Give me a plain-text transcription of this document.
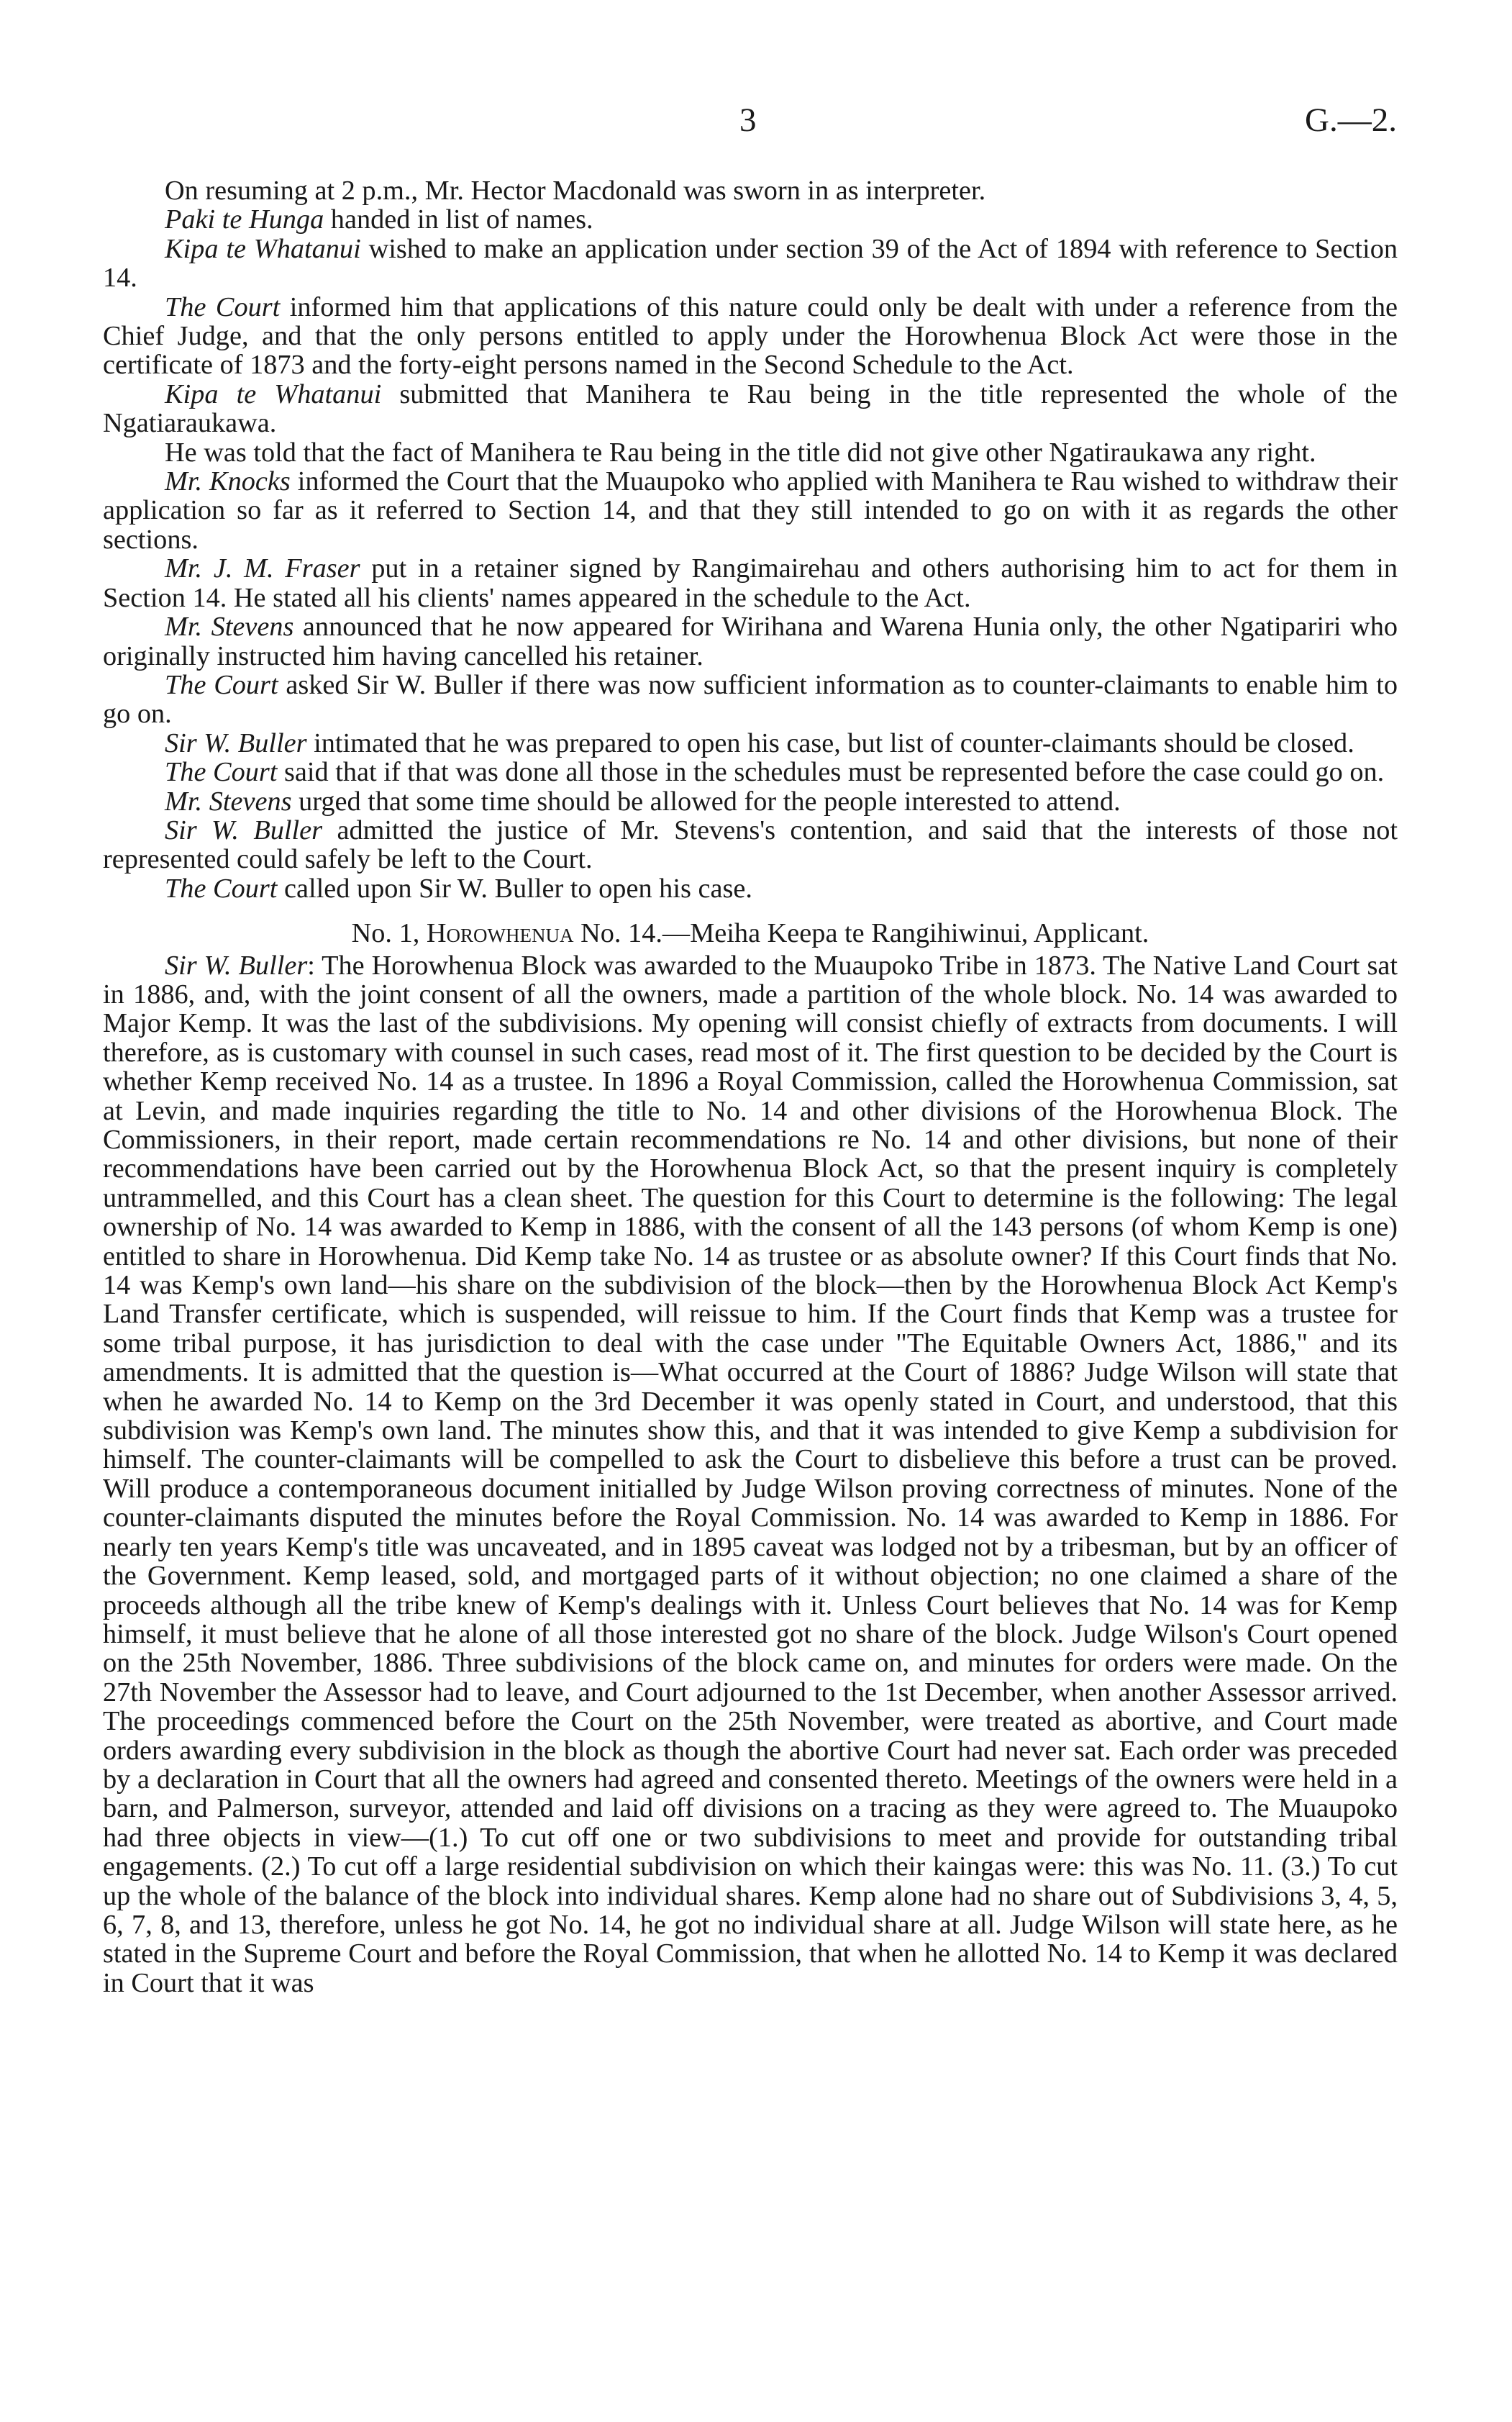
3	G.—2.

On resuming at 2 p.m., Mr. Hector Macdonald was sworn in as interpreter.

Paki te Hunga handed in list of names.

Kipa te Whatanui wished to make an application under section 39 of the Act of 1894 with reference to Section 14.

The Court informed him that applications of this nature could only be dealt with under a reference from the Chief Judge, and that the only persons entitled to apply under the Horowhenua Block Act were those in the certificate of 1873 and the forty-eight persons named in the Second Schedule to the Act.

Kipa te Whatanui submitted that Manihera te Rau being in the title represented the whole of the Ngatiaraukawa.

He was told that the fact of Manihera te Rau being in the title did not give other Ngatiraukawa any right.

Mr. Knocks informed the Court that the Muaupoko who applied with Manihera te Rau wished to withdraw their application so far as it referred to Section 14, and that they still intended to go on with it as regards the other sections.

Mr. J. M. Fraser put in a retainer signed by Rangimairehau and others authorising him to act for them in Section 14. He stated all his clients' names appeared in the schedule to the Act.

Mr. Stevens announced that he now appeared for Wirihana and Warena Hunia only, the other Ngatipariri who originally instructed him having cancelled his retainer.

The Court asked Sir W. Buller if there was now sufficient information as to counter-claimants to enable him to go on.

Sir W. Buller intimated that he was prepared to open his case, but list of counter-claimants should be closed.

The Court said that if that was done all those in the schedules must be represented before the case could go on.

Mr. Stevens urged that some time should be allowed for the people interested to attend.

Sir W. Buller admitted the justice of Mr. Stevens's contention, and said that the interests of those not represented could safely be left to the Court.

The Court called upon Sir W. Buller to open his case.

No. 1, Horowhenua No. 14.—Meiha Keepa te Rangihiwinui, Applicant.

Sir W. Buller: The Horowhenua Block was awarded to the Muaupoko Tribe in 1873. The Native Land Court sat in 1886, and, with the joint consent of all the owners, made a partition of the whole block. No. 14 was awarded to Major Kemp. It was the last of the subdivisions. My opening will consist chiefly of extracts from documents. I will therefore, as is customary with counsel in such cases, read most of it. The first question to be decided by the Court is whether Kemp received No. 14 as a trustee. In 1896 a Royal Commission, called the Horowhenua Commission, sat at Levin, and made inquiries regarding the title to No. 14 and other divisions of the Horowhenua Block. The Commissioners, in their report, made certain recommendations re No. 14 and other divisions, but none of their recommendations have been carried out by the Horowhenua Block Act, so that the present inquiry is completely untrammelled, and this Court has a clean sheet. The question for this Court to determine is the following: The legal ownership of No. 14 was awarded to Kemp in 1886, with the consent of all the 143 persons (of whom Kemp is one) entitled to share in Horowhenua. Did Kemp take No. 14 as trustee or as absolute owner? If this Court finds that No. 14 was Kemp's own land—his share on the subdivision of the block—then by the Horowhenua Block Act Kemp's Land Transfer certificate, which is suspended, will reissue to him. If the Court finds that Kemp was a trustee for some tribal purpose, it has jurisdiction to deal with the case under "The Equitable Owners Act, 1886," and its amendments. It is admitted that the question is—What occurred at the Court of 1886? Judge Wilson will state that when he awarded No. 14 to Kemp on the 3rd December it was openly stated in Court, and understood, that this subdivision was Kemp's own land. The minutes show this, and that it was intended to give Kemp a subdivision for himself. The counter-claimants will be compelled to ask the Court to disbelieve this before a trust can be proved. Will produce a contemporaneous document initialled by Judge Wilson proving correctness of minutes. None of the counter-claimants disputed the minutes before the Royal Commission. No. 14 was awarded to Kemp in 1886. For nearly ten years Kemp's title was uncaveated, and in 1895 caveat was lodged not by a tribesman, but by an officer of the Government. Kemp leased, sold, and mortgaged parts of it without objection; no one claimed a share of the proceeds although all the tribe knew of Kemp's dealings with it. Unless Court believes that No. 14 was for Kemp himself, it must believe that he alone of all those interested got no share of the block. Judge Wilson's Court opened on the 25th November, 1886. Three subdivisions of the block came on, and minutes for orders were made. On the 27th November the Assessor had to leave, and Court adjourned to the 1st December, when another Assessor arrived. The proceedings commenced before the Court on the 25th November, were treated as abortive, and Court made orders awarding every subdivision in the block as though the abortive Court had never sat. Each order was preceded by a declaration in Court that all the owners had agreed and consented thereto. Meetings of the owners were held in a barn, and Palmerson, surveyor, attended and laid off divisions on a tracing as they were agreed to. The Muaupoko had three objects in view—(1.) To cut off one or two subdivisions to meet and provide for outstanding tribal engagements. (2.) To cut off a large residential subdivision on which their kaingas were: this was No. 11. (3.) To cut up the whole of the balance of the block into individual shares. Kemp alone had no share out of Subdivisions 3, 4, 5, 6, 7, 8, and 13, therefore, unless he got No. 14, he got no individual share at all. Judge Wilson will state here, as he stated in the Supreme Court and before the Royal Commission, that when he allotted No. 14 to Kemp it was declared in Court that it was
